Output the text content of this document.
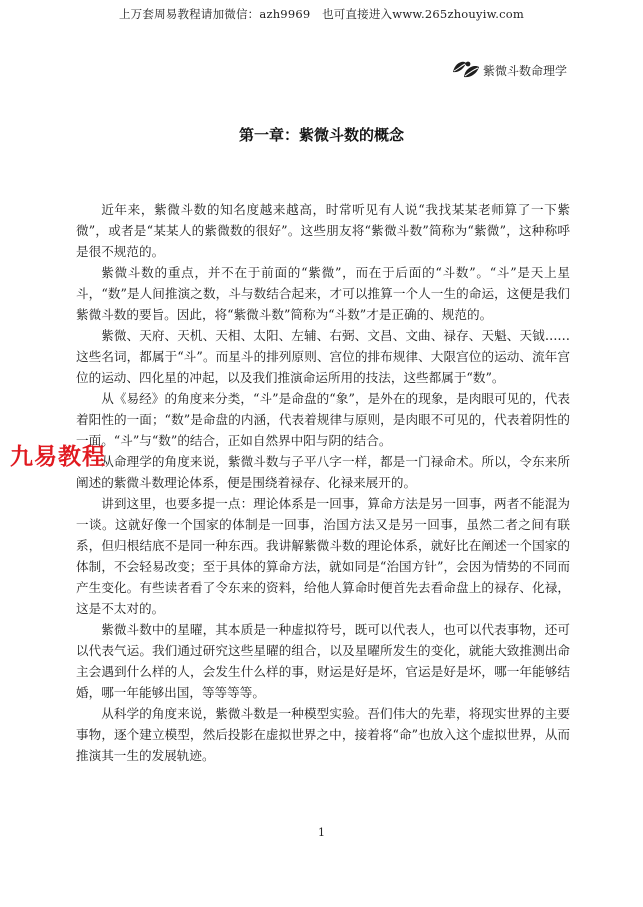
上万套周易教程请加微信：azh9969　也可直接进入www.265zhouyiw.com
紫微斗数命理学
第一章：紫微斗数的概念

近年来，紫微斗数的知名度越来越高，时常听见有人说“我找某某老师算了一下紫微”，或者是“某某人的紫微数的很好”。这些朋友将“紫微斗数”简称为“紫微”，这种称呼是很不规范的。

紫微斗数的重点，并不在于前面的“紫微”，而在于后面的“斗数”。“斗”是天上星斗，“数”是人间推演之数，斗与数结合起来，才可以推算一个人一生的命运，这便是我们紫微斗数的要旨。因此，将“紫微斗数”简称为“斗数”才是正确的、规范的。

紫微、天府、天机、天相、太阳、左辅、右弼、文昌、文曲、禄存、天魁、天钺……这些名词，都属于“斗”。而星斗的排列原则、宫位的排布规律、大限宫位的运动、流年宫位的运动、四化星的冲起，以及我们推演命运所用的技法，这些都属于“数”。

从《易经》的角度来分类，“斗”是命盘的“象”，是外在的现象，是肉眼可见的，代表着阳性的一面；“数”是命盘的内涵，代表着规律与原则，是肉眼不可见的，代表着阴性的一面。“斗”与“数”的结合，正如自然界中阳与阴的结合。

从命理学的角度来说，紫微斗数与子平八字一样，都是一门禄命术。所以，令东来所阐述的紫微斗数理论体系，便是围绕着禄存、化禄来展开的。

讲到这里，也要多提一点：理论体系是一回事，算命方法是另一回事，两者不能混为一谈。这就好像一个国家的体制是一回事，治国方法又是另一回事，虽然二者之间有联系，但归根结底不是同一种东西。我讲解紫微斗数的理论体系，就好比在阐述一个国家的体制，不会轻易改变；至于具体的算命方法，就如同是“治国方针”，会因为情势的不同而产生变化。有些读者看了令东来的资料，给他人算命时便首先去看命盘上的禄存、化禄，这是不太对的。

紫微斗数中的星曜，其本质是一种虚拟符号，既可以代表人，也可以代表事物，还可以代表气运。我们通过研究这些星曜的组合，以及星曜所发生的变化，就能大致推测出命主会遇到什么样的人，会发生什么样的事，财运是好是坏，官运是好是坏，哪一年能够结婚，哪一年能够出国，等等等等。

从科学的角度来说，紫微斗数是一种模型实验。吾们伟大的先辈，将现实世界的主要事物，逐个建立模型，然后投影在虚拟世界之中，接着将“命”也放入这个虚拟世界，从而推演其一生的发展轨迹。

九易教程
1
